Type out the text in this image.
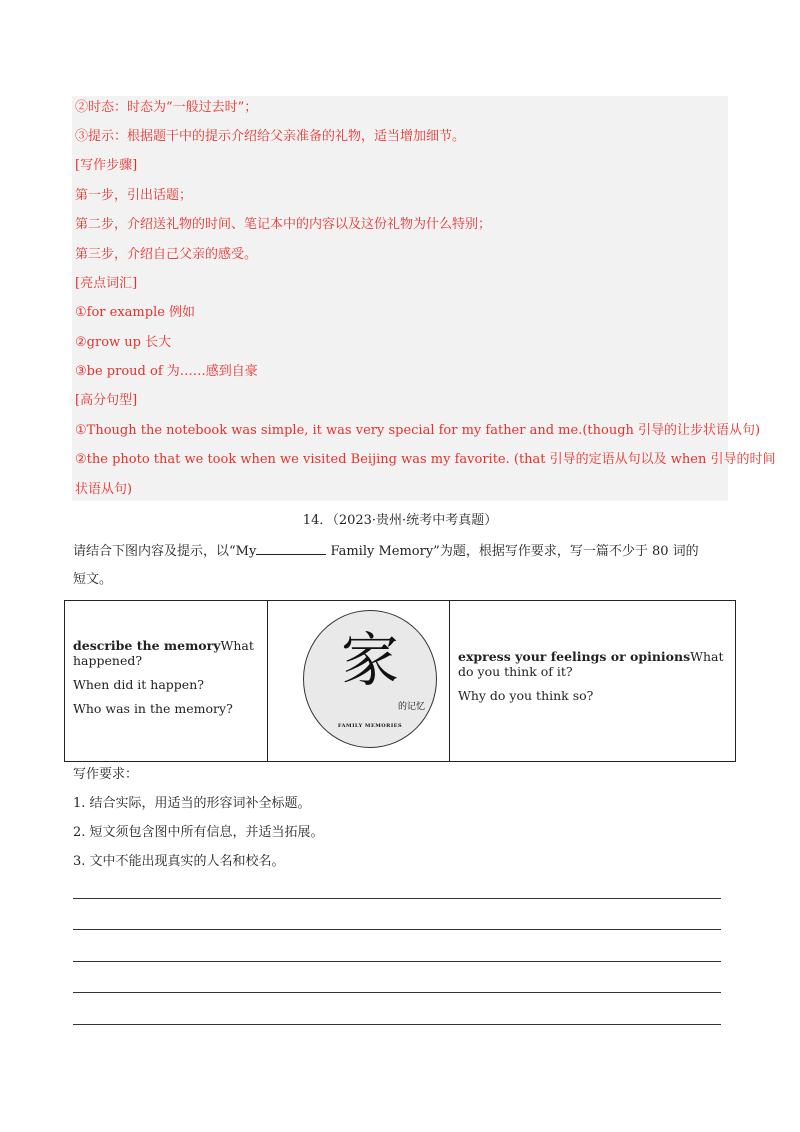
②时态：时态为“一般过去时”；
③提示：根据题干中的提示介绍给父亲准备的礼物，适当增加细节。
[写作步骤]
第一步，引出话题；
第二步，介绍送礼物的时间、笔记本中的内容以及这份礼物为什么特别；
第三步，介绍自己父亲的感受。
[亮点词汇]
①for example 例如
②grow up 长大
③be proud of 为……感到自豪
[高分句型]
①Though the notebook was simple, it was very special for my father and me.(though 引导的让步状语从句)
②the photo that we took when we visited Beijing was my favorite. (that 引导的定语从句以及 when 引导的时间
状语从句)
14．（2023·贵州·统考中考真题）
请结合下图内容及提示，以“My	Family Memory”为题，根据写作要求，写一篇不少于 80 词的
短文。

describe the memoryWhat happened?

When did it happen?

Who was in the memory?

家
的记忆
FAMILY MEMORIES

express your feelings or opinionsWhat do you think of it?

Why do you think so?

写作要求：
1. 结合实际，用适当的形容词补全标题。
2. 短文须包含图中所有信息，并适当拓展。
3. 文中不能出现真实的人名和校名。
